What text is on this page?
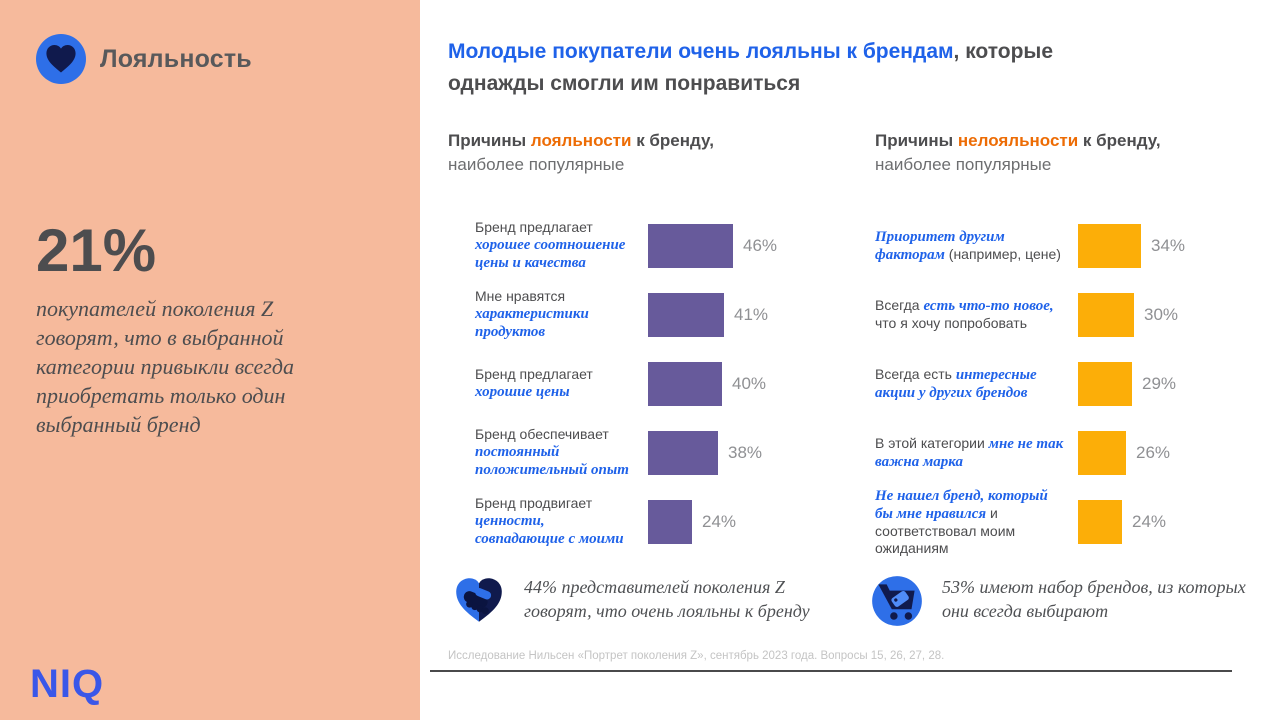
Лояльность
21%

покупателей поколения Z говорят, что в выбранной категории привыкли всегда приобретать только один выбранный бренд

NIQ
Молодые покупатели очень лояльны к брендам, которые однажды смогли им понравиться
Причины лояльности к бренду,
наиболее популярные
Бренд предлагает хорошее соотношение цены и качества
46%
Мне нравятся характеристики продуктов
41%
Бренд предлагает хорошие цены	40%
Бренд обеспечивает постоянный положительный опыт
38%
Бренд продвигает ценности, совпадающие с моими
24%
Причины нелояльности к бренду,
наиболее популярные
Приоритет другим факторам (например, цене)	34%
Всегда есть что-то новое, что я хочу попробовать	30%
Всегда есть интересные акции у других брендов	29%
В этой категории мне не так важна марка	26%
Не нашел бренд, который бы мне нравился и соответствовал моим ожиданиям
24%

44% представителей поколения Z говорят, что очень лояльны к бренду

53% имеют набор брендов, из которых они всегда выбирают

Исследование Нильсен «Портрет поколения Z», сентябрь 2023 года. Вопросы 15, 26, 27, 28.
